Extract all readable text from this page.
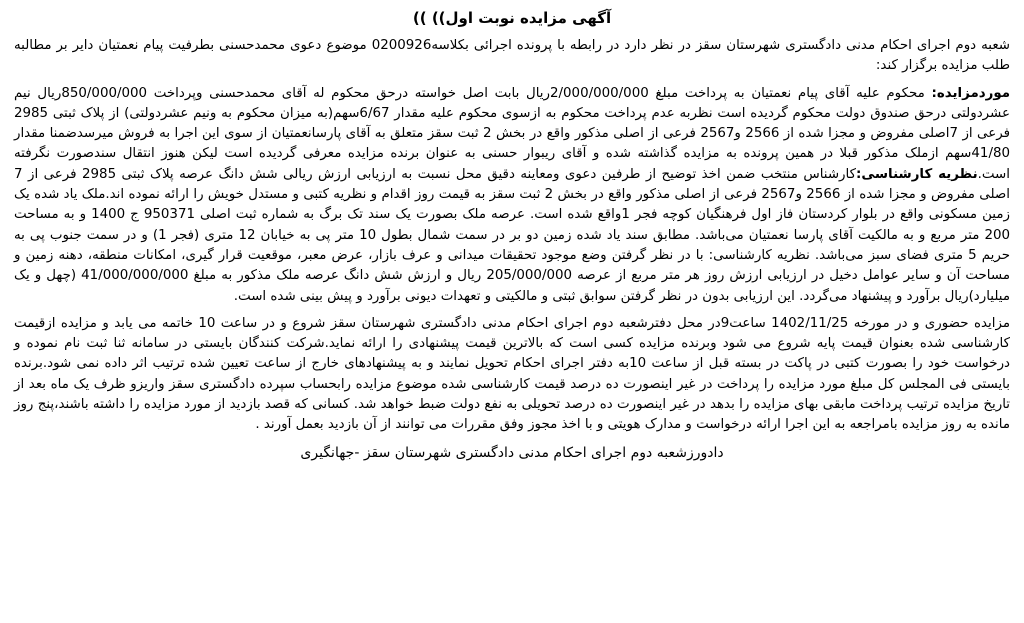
آگهی مزایده نوبت اول)) ))

شعبه دوم اجرای احکام مدنی دادگستری شهرستان سقز در نظر دارد در رابطه با پرونده اجرائی بکلاسه0200926 موضوع دعوی محمدحسنی بطرفیت پیام نعمتیان دایر بر مطالبه طلب مزایده برگزار کند:

موردمزایده: محکوم علیه آقای پیام نعمتیان به پرداخت مبلغ 2/000/000/000ریال بابت اصل خواسته درحق محکوم له آقای محمدحسنی وپرداخت 850/000/000ریال نیم عشردولتی درحق صندوق دولت محکوم گردیده است نظربه عدم پرداخت محکوم به ازسوی محکوم علیه مقدار 6/67سهم(به میزان محکوم به ونیم عشردولتی) از پلاک ثبتی 2985 فرعی از 7اصلی مفروض و مجزا شده از 2566 و2567 فرعی از اصلی مذکور واقع در بخش 2 ثبت سقز متعلق به آقای پارسانعمتیان از سوی این اجرا به فروش میرسدضمنا مقدار 41/80سهم ازملک مذکور قبلا در همین پرونده به مزایده گذاشته شده و آقای ریبوار حسنی به عنوان برنده مزایده معرفی گردیده است لیکن هنوز انتقال سندصورت نگرفته است.نظریه کارشناسی:کارشناس منتخب ضمن اخذ توضیح از طرفین دعوی ومعاینه دقیق محل نسبت به ارزیابی ارزش ریالی شش دانگ عرصه پلاک ثبتی 2985 فرعی از 7 اصلی مفروض و مجزا شده از 2566 و2567 فرعی از اصلی مذکور واقع در بخش 2 ثبت سقز به قیمت روز اقدام و نظریه کتبی و مستدل خویش را ارائه نموده اند.ملک یاد شده یک زمین مسکونی واقع در بلوار کردستان فاز اول فرهنگیان کوچه فجر 1واقع شده است. عرصه ملک بصورت یک سند تک برگ به شماره ثبت اصلی 950371 ج 1400 و به مساحت 200 متر مربع و به مالکیت آقای پارسا نعمتیان می‌باشد. مطابق سند یاد شده زمین دو بر در سمت شمال بطول 10 متر پی به خیابان 12 متری (فجر 1) و در سمت جنوب پی به حریم 5 متری فضای سبز می‌باشد. نظریه کارشناسی: با در نظر گرفتن وضع موجود تحقیقات میدانی و عرف بازار، عرض معبر، موقعیت قرار گیری، امکانات منطقه، دهنه زمین و مساحت آن و سایر عوامل دخیل در ارزیابی ارزش روز هر متر مربع از عرصه 205/000/000 ریال و ارزش شش دانگ عرصه ملک مذکور به مبلغ 41/000/000/000 (چهل و یک میلیارد)ریال برآورد و پیشنهاد می‌گردد. این ارزیابی بدون در نظر گرفتن سوابق ثبتی و مالکیتی و تعهدات دیونی برآورد و پیش بینی شده است.

مزایده حضوری و در مورخه 1402/11/25 ساعت9در محل دفترشعبه دوم اجرای احکام مدنی دادگستری شهرستان سقز شروع و در ساعت 10 خاتمه می یابد و مزایده ازقیمت کارشناسی شده بعنوان قیمت پایه شروع می شود وبرنده مزایده کسی است که بالاترین قیمت پیشنهادی را ارائه نماید.شرکت کنندگان بایستی در سامانه ثنا ثبت نام نموده و درخواست خود را بصورت کتبی در پاکت در بسته قبل از ساعت 10به دفتر اجرای احکام تحویل نمایند و به پیشنهادهای خارج از ساعت تعیین شده ترتیب اثر داده نمی شود.برنده بایستی فی المجلس کل مبلغ مورد مزایده را پرداخت در غیر اینصورت ده درصد قیمت کارشناسی شده موضوع مزایده رابحساب سپرده دادگستری سقز واریزو ظرف یک ماه بعد از تاریخ مزایده ترتیب پرداخت مابقی بهای مزایده را بدهد در غیر اینصورت ده درصد تحویلی به نفع دولت ضبط خواهد شد. کسانی که قصد بازدید از مورد مزایده را داشته باشند،پنج روز مانده به روز مزایده بامراجعه به این اجرا ارائه درخواست و مدارک هویتی و با اخذ مجوز وفق مقررات می توانند از آن بازدید بعمل آورند .

دادورزشعبه دوم اجرای احکام مدنی دادگستری شهرستان سقز -جهانگیری
